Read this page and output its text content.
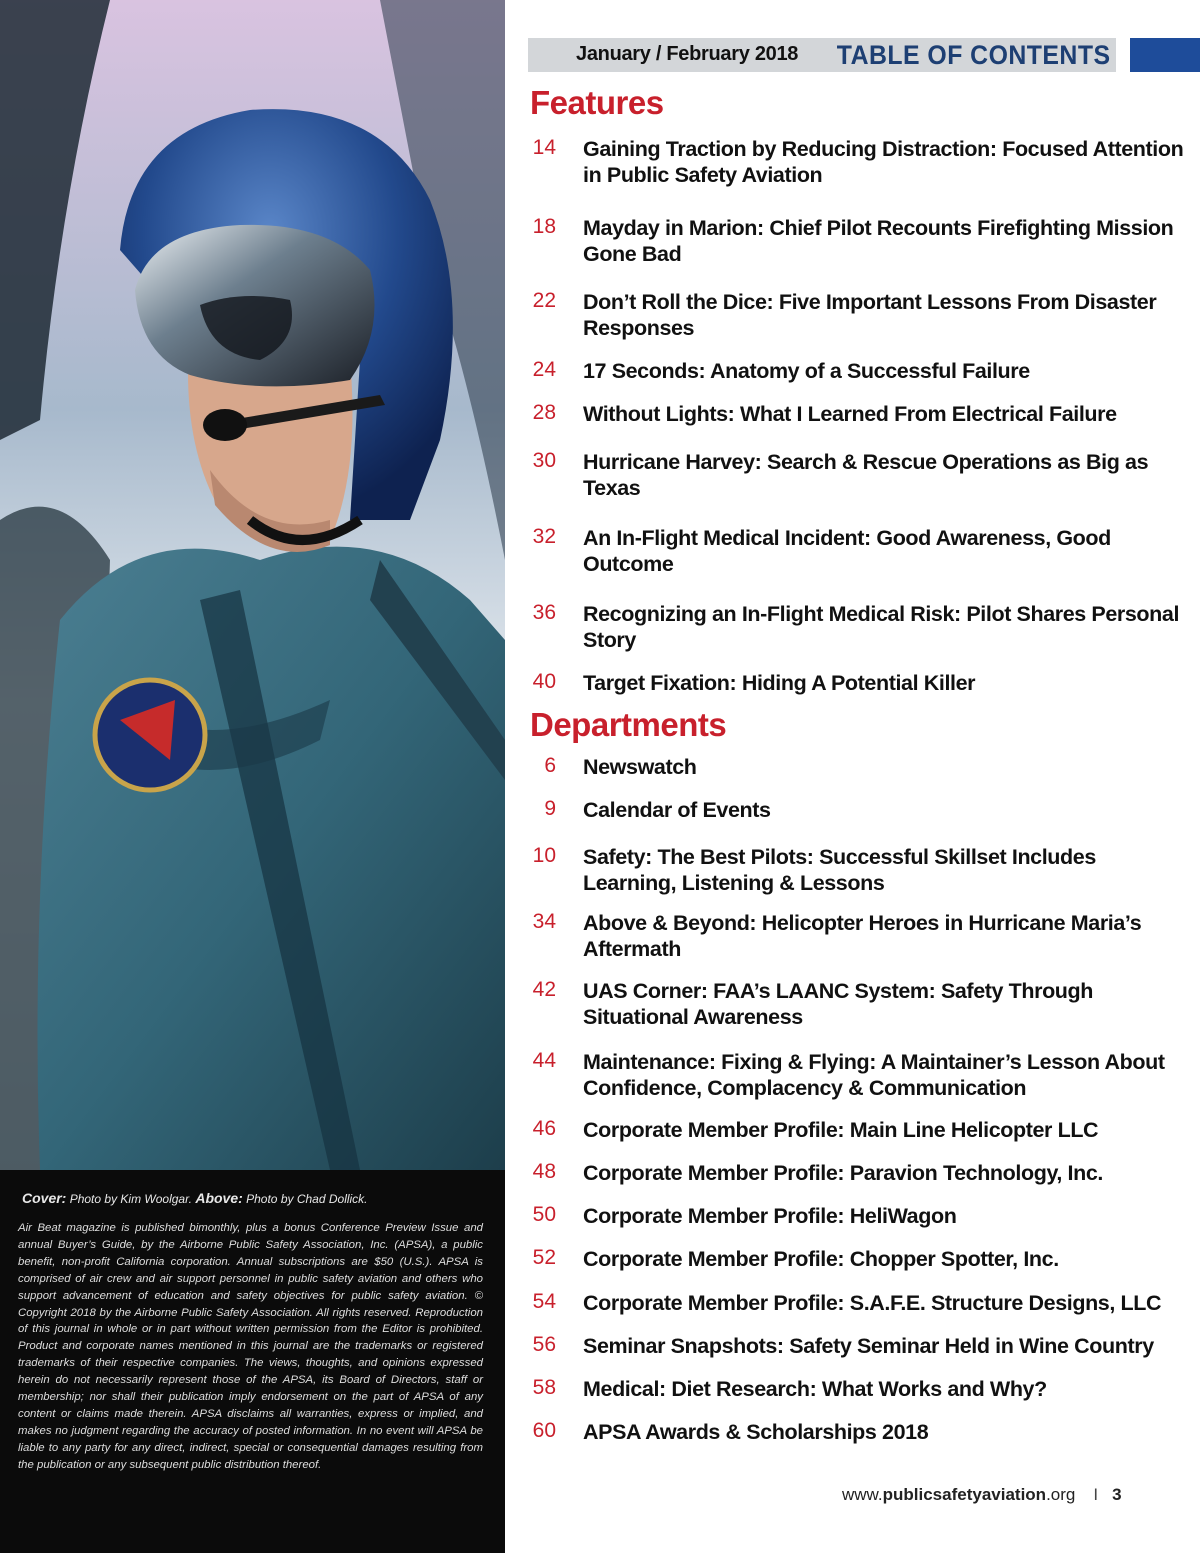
Cover: Photo by Kim Woolgar. Above: Photo by Chad Dollick.
Air Beat magazine is published bimonthly, plus a bonus Conference Preview Issue and annual Buyer’s Guide, by the Airborne Public Safety Association, Inc. (APSA), a public benefit, non-profit California corporation. Annual subscriptions are $50 (U.S.). APSA is comprised of air crew and air support personnel in public safety aviation and others who support advancement of education and safety objectives for public safety aviation. © Copyright 2018 by the Airborne Public Safety Association. All rights reserved. Reproduction of this journal in whole or in part without written permission from the Editor is prohibited. Product and corporate names mentioned in this journal are the trademarks or registered trademarks of their respective companies. The views, thoughts, and opinions expressed herein do not necessarily represent those of the APSA, its Board of Directors, staff or membership; nor shall their publication imply endorsement on the part of APSA of any content or claims made therein. APSA disclaims all warranties, express or implied, and makes no judgment regarding the accuracy of posted information. In no event will APSA be liable to any party for any direct, indirect, special or consequential damages resulting from the publication or any subsequent public distribution thereof.
January / February 2018 TABLE OF CONTENTS
Features
14 Gaining Traction by Reducing Distraction: Focused Attention in Public Safety Aviation
18 Mayday in Marion: Chief Pilot Recounts Firefighting Mission Gone Bad
22 Don’t Roll the Dice: Five Important Lessons From Disaster Responses
24 17 Seconds: Anatomy of a Successful Failure
28 Without Lights: What I Learned From Electrical Failure
30 Hurricane Harvey: Search & Rescue Operations as Big as Texas
32 An In-Flight Medical Incident: Good Awareness, Good Outcome
36 Recognizing an In-Flight Medical Risk: Pilot Shares Personal Story
40 Target Fixation: Hiding A Potential Killer
Departments
6 Newswatch
9 Calendar of Events
10 Safety: The Best Pilots: Successful Skillset Includes Learning, Listening & Lessons
34 Above & Beyond: Helicopter Heroes in Hurricane Maria’s Aftermath
42 UAS Corner: FAA’s LAANC System: Safety Through Situational Awareness
44 Maintenance: Fixing & Flying: A Maintainer’s Lesson About Confidence, Complacency & Communication
46 Corporate Member Profile: Main Line Helicopter LLC
48 Corporate Member Profile: Paravion Technology, Inc.
50 Corporate Member Profile: HeliWagon
52 Corporate Member Profile: Chopper Spotter, Inc.
54 Corporate Member Profile: S.A.F.E. Structure Designs, LLC
56 Seminar Snapshots: Safety Seminar Held in Wine Country
58 Medical: Diet Research: What Works and Why?
60 APSA Awards & Scholarships 2018
www.publicsafetyaviation.org I 3
